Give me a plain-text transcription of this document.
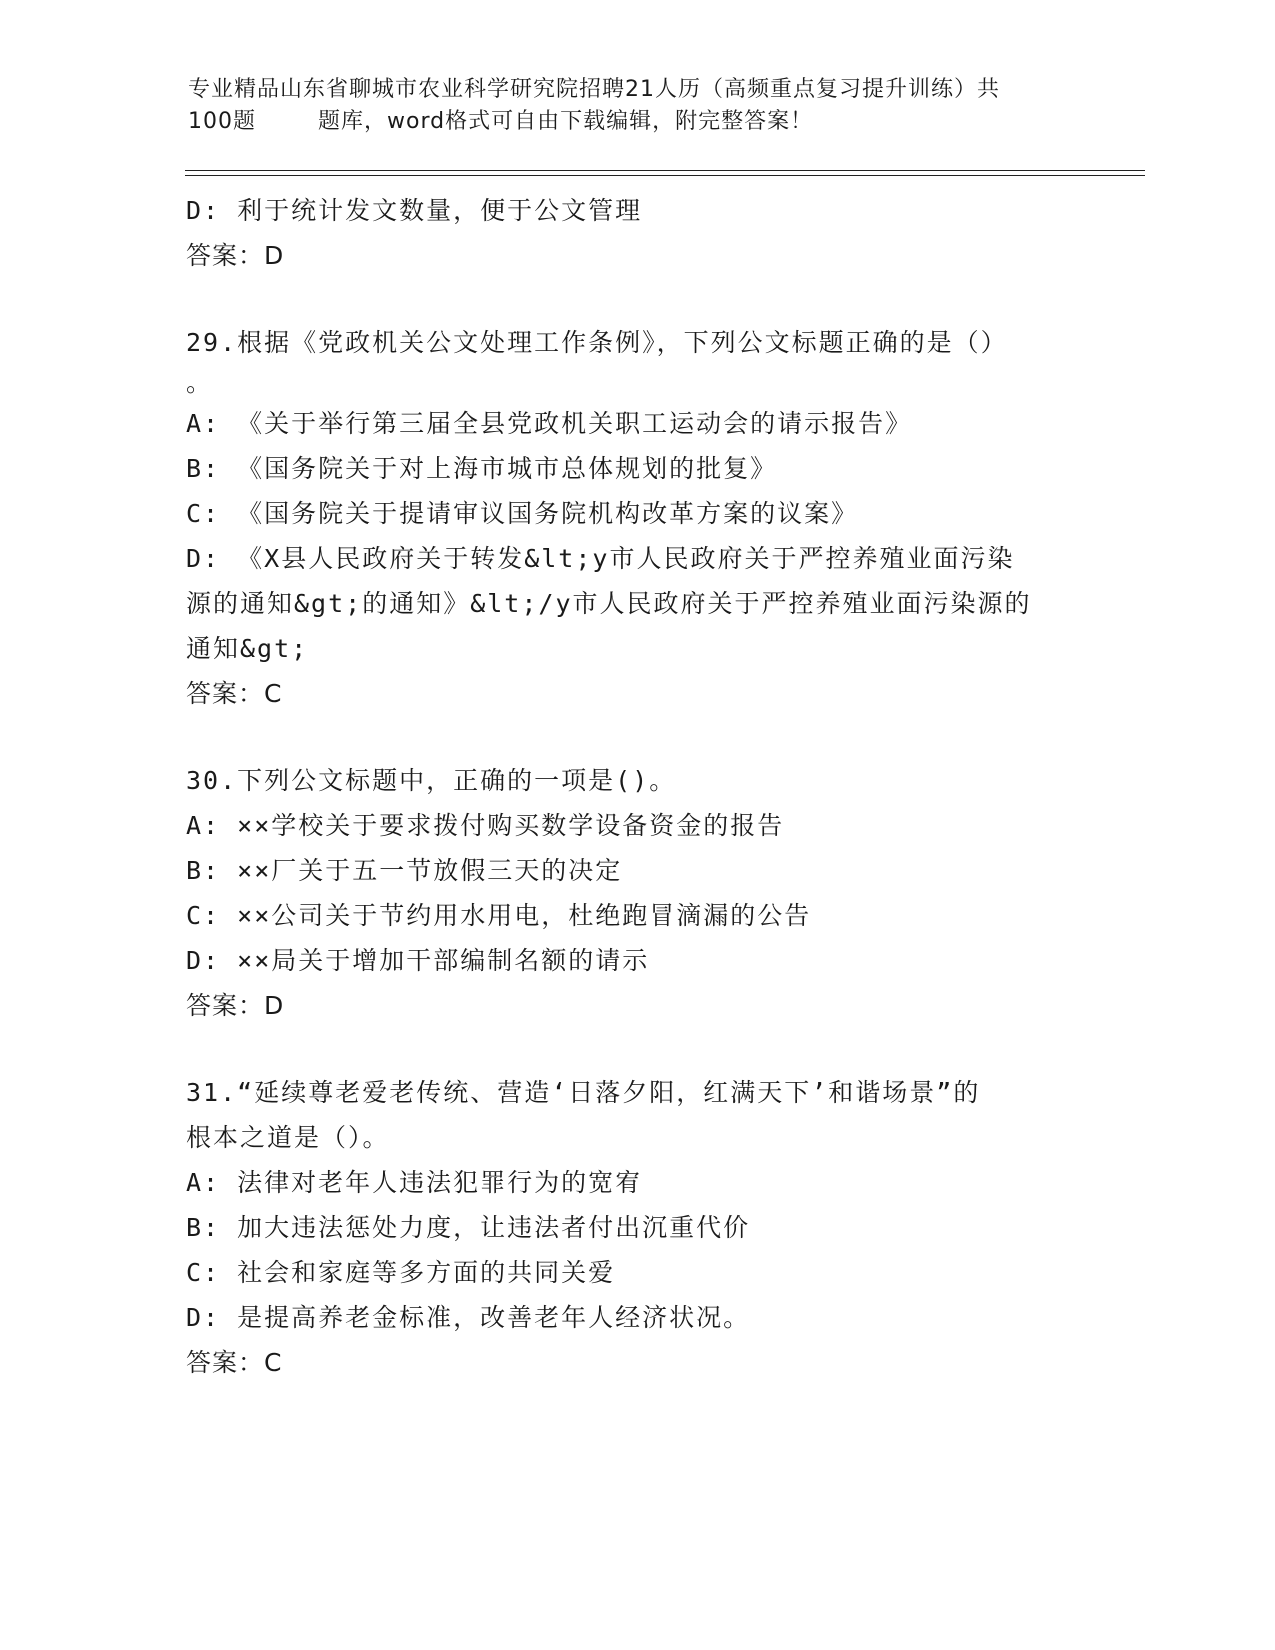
专业精品山东省聊城市农业科学研究院招聘21人历（高频重点复习提升训练）共
100题	题库，word格式可自由下载编辑，附完整答案！
D: 利于统计发文数量，便于公文管理
答案：D
29.根据《党政机关公文处理工作条例》，下列公文标题正确的是（）
。
A: 《关于举行第三届全县党政机关职工运动会的请示报告》
B: 《国务院关于对上海市城市总体规划的批复》
C: 《国务院关于提请审议国务院机构改革方案的议案》
D: 《X县人民政府关于转发&lt;y市人民政府关于严控养殖业面污染
源的通知&gt;的通知》&lt;/y市人民政府关于严控养殖业面污染源的
通知&gt;
答案：C
30.下列公文标题中，正确的一项是()。
A: ××学校关于要求拨付购买数学设备资金的报告
B: ××厂关于五一节放假三天的决定
C: ××公司关于节约用水用电，杜绝跑冒滴漏的公告
D: ××局关于增加干部编制名额的请示
答案：D
31.“延续尊老爱老传统、营造‘日落夕阳，红满天下’和谐场景”的
根本之道是（）。
A: 法律对老年人违法犯罪行为的宽宥
B: 加大违法惩处力度，让违法者付出沉重代价
C: 社会和家庭等多方面的共同关爱
D: 是提高养老金标准，改善老年人经济状况。
答案：C
